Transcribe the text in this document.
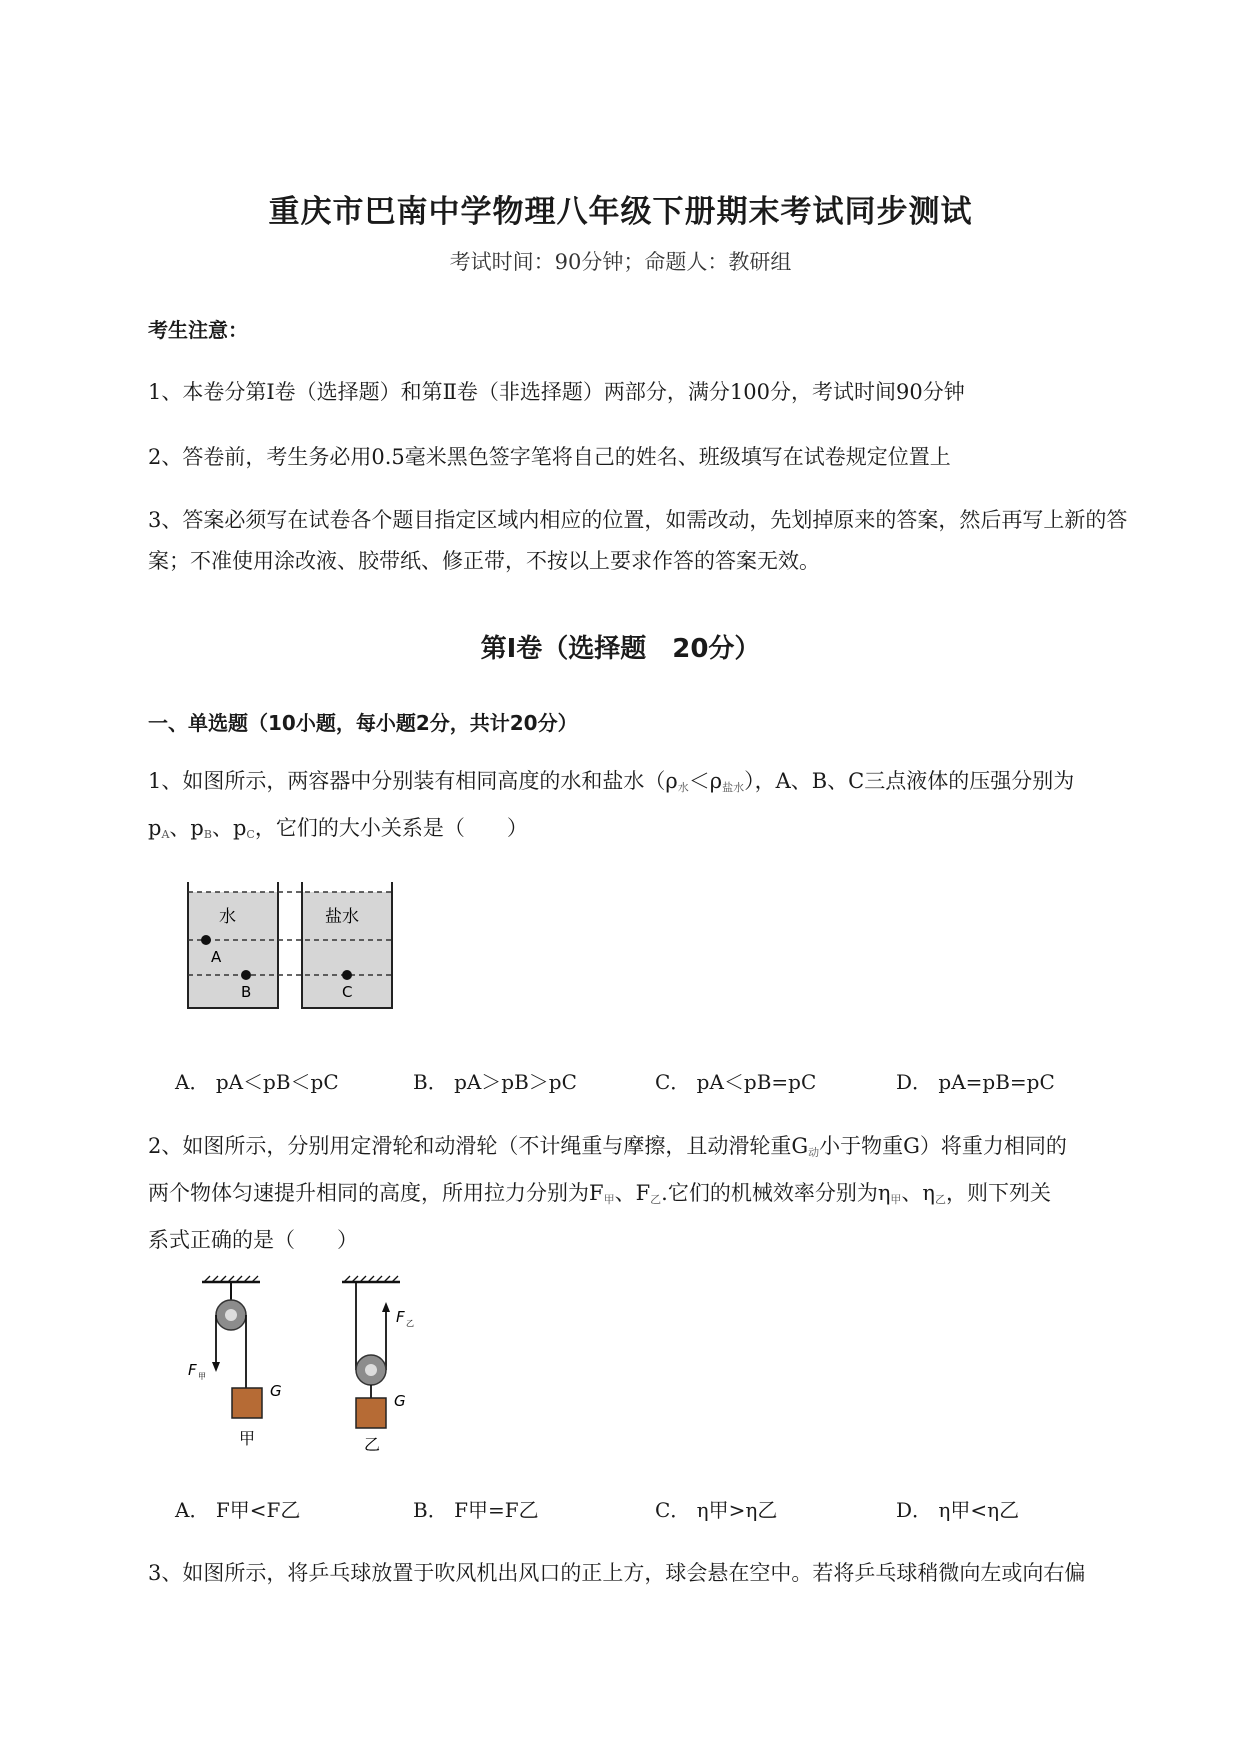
重庆市巴南中学物理八年级下册期末考试同步测试
考试时间：90分钟；命题人：教研组
考生注意：
1、本卷分第I卷（选择题）和第Ⅱ卷（非选择题）两部分，满分100分，考试时间90分钟
2、答卷前，考生务必用0.5毫米黑色签字笔将自己的姓名、班级填写在试卷规定位置上
3、答案必须写在试卷各个题目指定区域内相应的位置，如需改动，先划掉原来的答案，然后再写上新的答案；不准使用涂改液、胶带纸、修正带，不按以上要求作答的答案无效。
第I卷（选择题　20分）
一、单选题（10小题，每小题2分，共计20分）
1、如图所示，两容器中分别装有相同高度的水和盐水$(\rho_水<\rho_{盐水})$，A、B、C三点液体的压强分别为
$p_A$、$p_B$、$p_C$，它们的大小关系是（　　）
水	盐水
A
B	C
A． pA＜pB＜pC	B． pA＞pB＞pC	C． pA＜pB=pC	D． pA=pB=pC
2、如图所示，分别用定滑轮和动滑轮（不计绳重与摩擦，且动滑轮重$G_动$小于物重G）将重力相同的
两个物体匀速提升相同的高度，所用拉力分别为$F_甲$、$F_乙$.它们的机械效率分别为$\eta_甲$、$\eta_乙$，则下列关
系式正确的是（　　）
F 甲
G
甲
F 乙
G
乙
A． F甲<F乙	B． F甲=F乙	C． η甲>η乙	D． η甲<η乙
3、如图所示，将乒乓球放置于吹风机出风口的正上方，球会悬在空中。若将乒乓球稍微向左或向右偏
